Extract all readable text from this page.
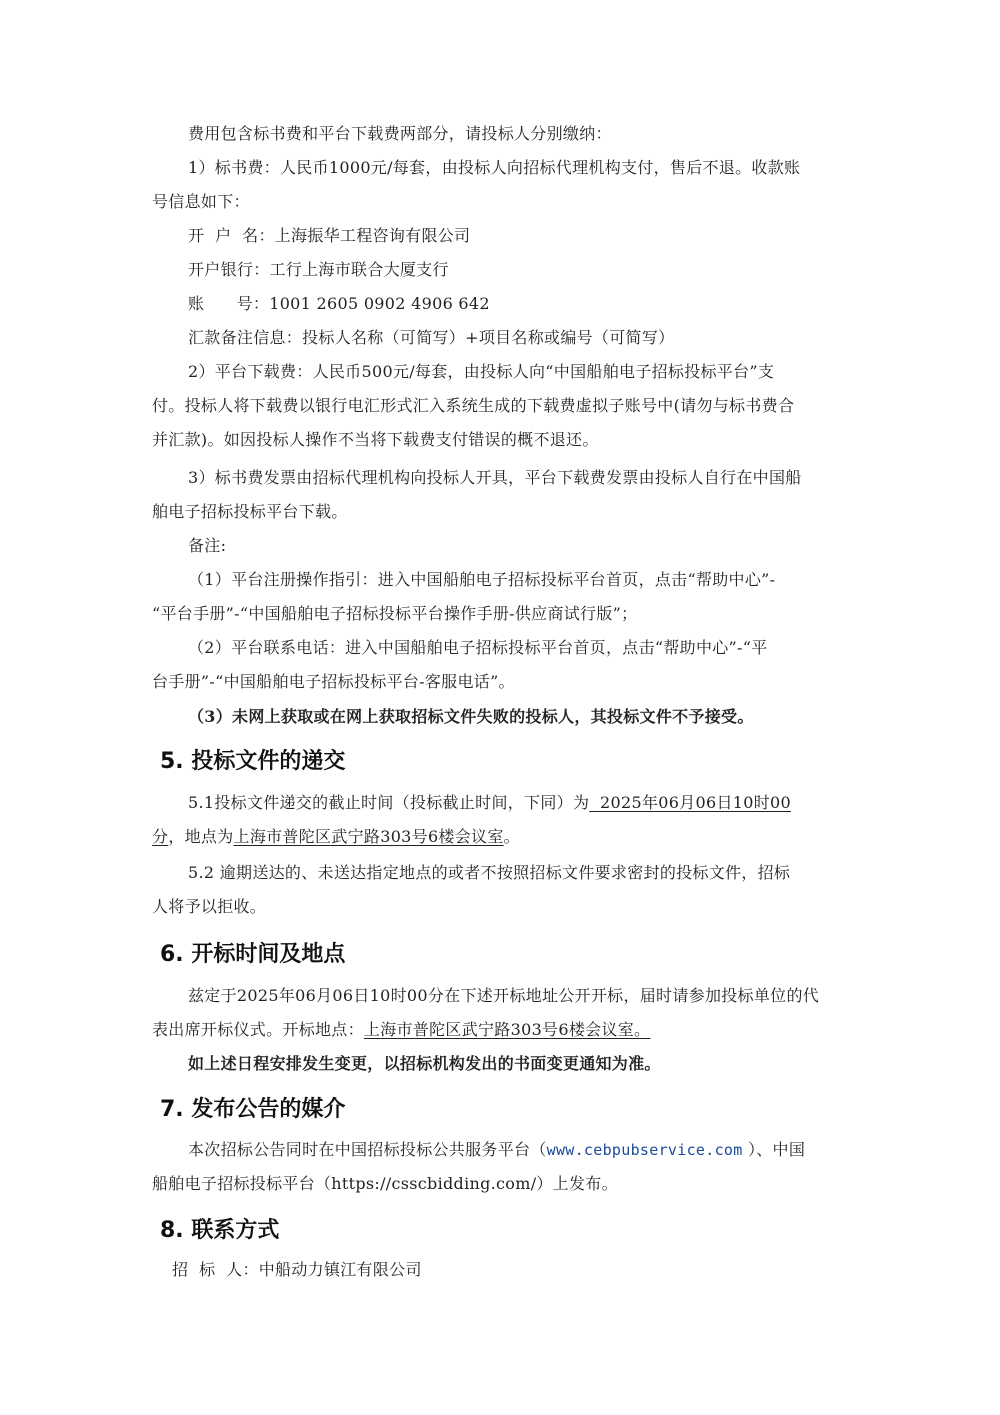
费用包含标书费和平台下载费两部分，请投标人分别缴纳：
1）标书费：人民币1000元/每套，由投标人向招标代理机构支付，售后不退。收款账
号信息如下：
开  户  名：上海振华工程咨询有限公司
开户银行：工行上海市联合大厦支行
账      号：1001 2605 0902 4906 642
汇款备注信息：投标人名称（可简写）+项目名称或编号（可简写）
2）平台下载费：人民币500元/每套，由投标人向“中国船舶电子招标投标平台”支
付。投标人将下载费以银行电汇形式汇入系统生成的下载费虚拟子账号中(请勿与标书费合
并汇款)。如因投标人操作不当将下载费支付错误的概不退还。
3）标书费发票由招标代理机构向投标人开具，平台下载费发票由投标人自行在中国船
舶电子招标投标平台下载。
备注:
（1）平台注册操作指引：进入中国船舶电子招标投标平台首页，点击“帮助中心”-
“平台手册”-“中国船舶电子招标投标平台操作手册-供应商试行版”；
（2）平台联系电话：进入中国船舶电子招标投标平台首页，点击“帮助中心”-“平
台手册”-“中国船舶电子招标投标平台-客服电话”。
（3）未网上获取或在网上获取招标文件失败的投标人，其投标文件不予接受。
5. 投标文件的递交
5.1投标文件递交的截止时间（投标截止时间，下同）为  2025年06月06日10时00
分，地点为上海市普陀区武宁路303号6楼会议室。
5.2 逾期送达的、未送达指定地点的或者不按照招标文件要求密封的投标文件，招标
人将予以拒收。
6. 开标时间及地点
兹定于2025年06月06日10时00分在下述开标地址公开开标，届时请参加投标单位的代
表出席开标仪式。开标地点：上海市普陀区武宁路303号6楼会议室。
如上述日程安排发生变更，以招标机构发出的书面变更通知为准。
7. 发布公告的媒介
本次招标公告同时在中国招标投标公共服务平台（www.cebpubservice.com ）、中国
船舶电子招标投标平台（https://csscbidding.com/）上发布。
8. 联系方式
招  标  人：中船动力镇江有限公司
